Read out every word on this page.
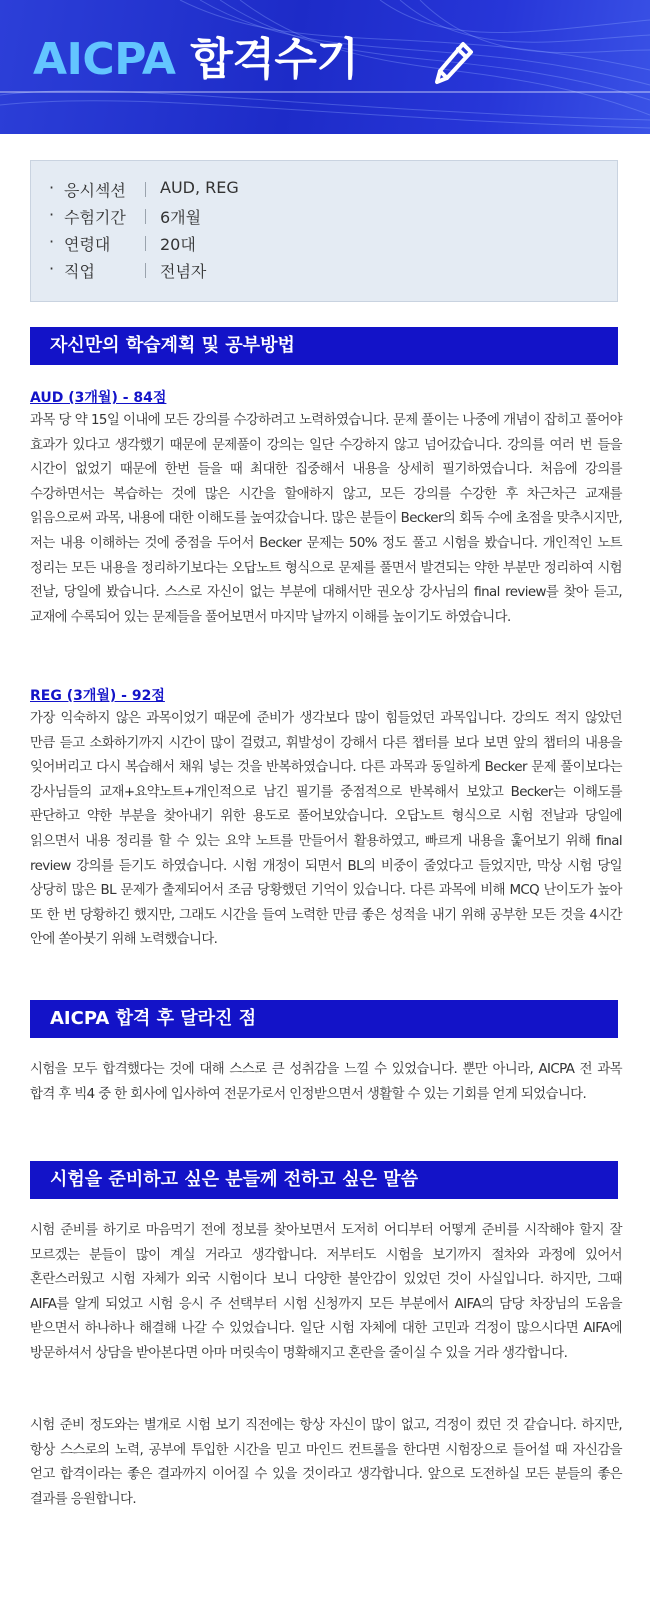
AICPA 합격수기
· 응시섹션	AUD, REG
· 수험기간	6개월
· 연령대	20대
· 직업	전념자
자신만의 학습계획 및 공부방법
AUD (3개월) - 84점

과목 당 약 15일 이내에 모든 강의를 수강하려고 노력하였습니다. 문제 풀이는 나중에 개념이 잡히고 풀어야 효과가 있다고 생각했기 때문에 문제풀이 강의는 일단 수강하지 않고 넘어갔습니다. 강의를 여러 번 들을 시간이 없었기 때문에 한번 들을 때 최대한 집중해서 내용을 상세히 필기하였습니다. 처음에 강의를 수강하면서는 복습하는 것에 많은 시간을 할애하지 않고, 모든 강의를 수강한 후 차근차근 교재를 읽음으로써 과목, 내용에 대한 이해도를 높여갔습니다. 많은 분들이 Becker의 회독 수에 초점을 맞추시지만, 저는 내용 이해하는 것에 중점을 두어서 Becker 문제는 50% 정도 풀고 시험을 봤습니다. 개인적인 노트 정리는 모든 내용을 정리하기보다는 오답노트 형식으로 문제를 풀면서 발견되는 약한 부분만 정리하여 시험 전날, 당일에 봤습니다. 스스로 자신이 없는 부분에 대해서만 권오상 강사님의 final review를 찾아 듣고, 교재에 수록되어 있는 문제들을 풀어보면서 마지막 날까지 이해를 높이기도 하였습니다.

REG (3개월) - 92점

가장 익숙하지 않은 과목이었기 때문에 준비가 생각보다 많이 힘들었던 과목입니다. 강의도 적지 않았던 만큼 듣고 소화하기까지 시간이 많이 걸렸고, 휘발성이 강해서 다른 챕터를 보다 보면 앞의 챕터의 내용을 잊어버리고 다시 복습해서 채워 넣는 것을 반복하였습니다. 다른 과목과 동일하게 Becker 문제 풀이보다는 강사님들의 교재+요약노트+개인적으로 남긴 필기를 중점적으로 반복해서 보았고 Becker는 이해도를 판단하고 약한 부분을 찾아내기 위한 용도로 풀어보았습니다. 오답노트 형식으로 시험 전날과 당일에 읽으면서 내용 정리를 할 수 있는 요약 노트를 만들어서 활용하였고, 빠르게 내용을 훑어보기 위해 final review 강의를 듣기도 하였습니다. 시험 개정이 되면서 BL의 비중이 줄었다고 들었지만, 막상 시험 당일 상당히 많은 BL 문제가 출제되어서 조금 당황했던 기억이 있습니다. 다른 과목에 비해 MCQ 난이도가 높아 또 한 번 당황하긴 했지만, 그래도 시간을 들여 노력한 만큼 좋은 성적을 내기 위해 공부한 모든 것을 4시간 안에 쏟아붓기 위해 노력했습니다.

AICPA 합격 후 달라진 점

시험을 모두 합격했다는 것에 대해 스스로 큰 성취감을 느낄 수 있었습니다. 뿐만 아니라, AICPA 전 과목 합격 후 빅4 중 한 회사에 입사하여 전문가로서 인정받으면서 생활할 수 있는 기회를 얻게 되었습니다.

시험을 준비하고 싶은 분들께 전하고 싶은 말씀

시험 준비를 하기로 마음먹기 전에 정보를 찾아보면서 도저히 어디부터 어떻게 준비를 시작해야 할지 잘 모르겠는 분들이 많이 계실 거라고 생각합니다. 저부터도 시험을 보기까지 절차와 과정에 있어서 혼란스러웠고 시험 자체가 외국 시험이다 보니 다양한 불안감이 있었던 것이 사실입니다. 하지만, 그때 AIFA를 알게 되었고 시험 응시 주 선택부터 시험 신청까지 모든 부분에서 AIFA의 담당 차장님의 도움을 받으면서 하나하나 해결해 나갈 수 있었습니다. 일단 시험 자체에 대한 고민과 걱정이 많으시다면 AIFA에 방문하셔서 상담을 받아본다면 아마 머릿속이 명확해지고 혼란을 줄이실 수 있을 거라 생각합니다.

시험 준비 정도와는 별개로 시험 보기 직전에는 항상 자신이 많이 없고, 걱정이 컸던 것 같습니다. 하지만, 항상 스스로의 노력, 공부에 투입한 시간을 믿고 마인드 컨트롤을 한다면 시험장으로 들어설 때 자신감을 얻고 합격이라는 좋은 결과까지 이어질 수 있을 것이라고 생각합니다. 앞으로 도전하실 모든 분들의 좋은 결과를 응원합니다.
